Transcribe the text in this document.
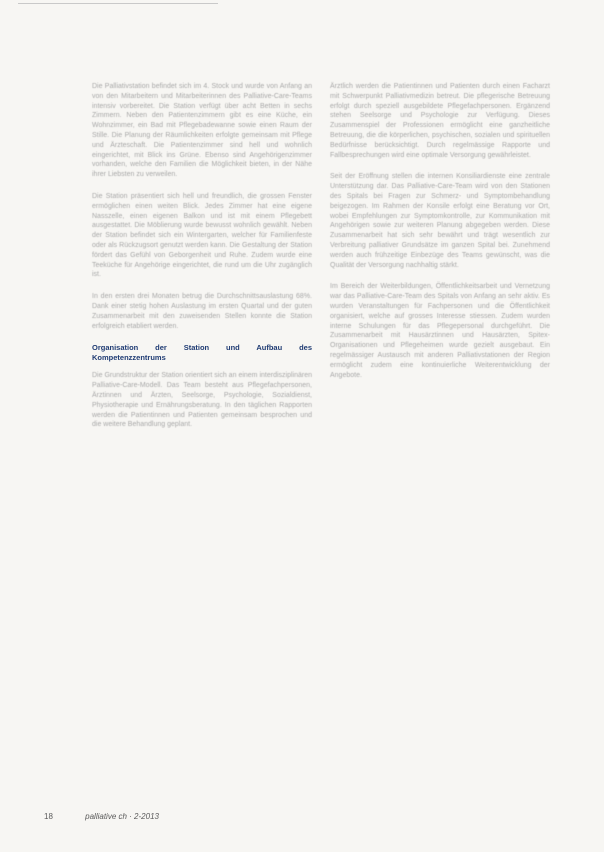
Die Palliativstation befindet sich im 4. Stock und wurde von Anfang an von den Mitarbeitern und Mitarbeiterinnen des Palliative-Care-Teams intensiv vorbereitet. Die Station verfügt über acht Betten in sechs Zimmern. Neben den Patientenzimmern gibt es eine Küche, ein Wohnzimmer, ein Bad mit Pflegebadewanne sowie einen Raum der Stille. Die Planung der Räumlichkeiten erfolgte gemeinsam mit Pflege und Ärzteschaft. Die Patientenzimmer sind hell und wohnlich eingerichtet, mit Blick ins Grüne. Ebenso sind Angehörigenzimmer vorhanden, welche den Familien die Möglichkeit bieten, in der Nähe ihrer Liebsten zu verweilen.

Die Station präsentiert sich hell und freundlich, die grossen Fenster ermöglichen einen weiten Blick. Jedes Zimmer hat eine eigene Nasszelle, einen eigenen Balkon und ist mit einem Pflegebett ausgestattet. Die Möblierung wurde bewusst wohnlich gewählt. Neben der Station befindet sich ein Wintergarten, welcher für Familienfeste oder als Rückzugsort genutzt werden kann. Die Gestaltung der Station fördert das Gefühl von Geborgenheit und Ruhe. Zudem wurde eine Teeküche für Angehörige eingerichtet, die rund um die Uhr zugänglich ist.

In den ersten drei Monaten betrug die Durchschnittsauslastung 68%. Dank einer stetig hohen Auslastung im ersten Quartal und der guten Zusammenarbeit mit den zuweisenden Stellen konnte die Station erfolgreich etabliert werden.

Organisation der Station und Aufbau des Kompetenzzentrums

Die Grundstruktur der Station orientiert sich an einem interdisziplinären Palliative-Care-Modell. Das Team besteht aus Pflegefachpersonen, Ärztinnen und Ärzten, Seelsorge, Psychologie, Sozialdienst, Physiotherapie und Ernährungsberatung. In den täglichen Rapporten werden die Patientinnen und Patienten gemeinsam besprochen und die weitere Behandlung geplant.

Ärztlich werden die Patientinnen und Patienten durch einen Facharzt mit Schwerpunkt Palliativmedizin betreut. Die pflegerische Betreuung erfolgt durch speziell ausgebildete Pflegefachpersonen. Ergänzend stehen Seelsorge und Psychologie zur Verfügung. Dieses Zusammenspiel der Professionen ermöglicht eine ganzheitliche Betreuung, die die körperlichen, psychischen, sozialen und spirituellen Bedürfnisse berücksichtigt. Durch regelmässige Rapporte und Fallbesprechungen wird eine optimale Versorgung gewährleistet.

Seit der Eröffnung stellen die internen Konsiliardienste eine zentrale Unterstützung dar. Das Palliative-Care-Team wird von den Stationen des Spitals bei Fragen zur Schmerz- und Symptombehandlung beigezogen. Im Rahmen der Konsile erfolgt eine Beratung vor Ort, wobei Empfehlungen zur Symptomkontrolle, zur Kommunikation mit Angehörigen sowie zur weiteren Planung abgegeben werden. Diese Zusammenarbeit hat sich sehr bewährt und trägt wesentlich zur Verbreitung palliativer Grundsätze im ganzen Spital bei. Zunehmend werden auch frühzeitige Einbezüge des Teams gewünscht, was die Qualität der Versorgung nachhaltig stärkt.

Im Bereich der Weiterbildungen, Öffentlichkeitsarbeit und Vernetzung war das Palliative-Care-Team des Spitals von Anfang an sehr aktiv. Es wurden Veranstaltungen für Fachpersonen und die Öffentlichkeit organisiert, welche auf grosses Interesse stiessen. Zudem wurden interne Schulungen für das Pflegepersonal durchgeführt. Die Zusammenarbeit mit Hausärztinnen und Hausärzten, Spitex-Organisationen und Pflegeheimen wurde gezielt ausgebaut. Ein regelmässiger Austausch mit anderen Palliativstationen der Region ermöglicht zudem eine kontinuierliche Weiterentwicklung der Angebote.

18	palliative ch · 2-2013
